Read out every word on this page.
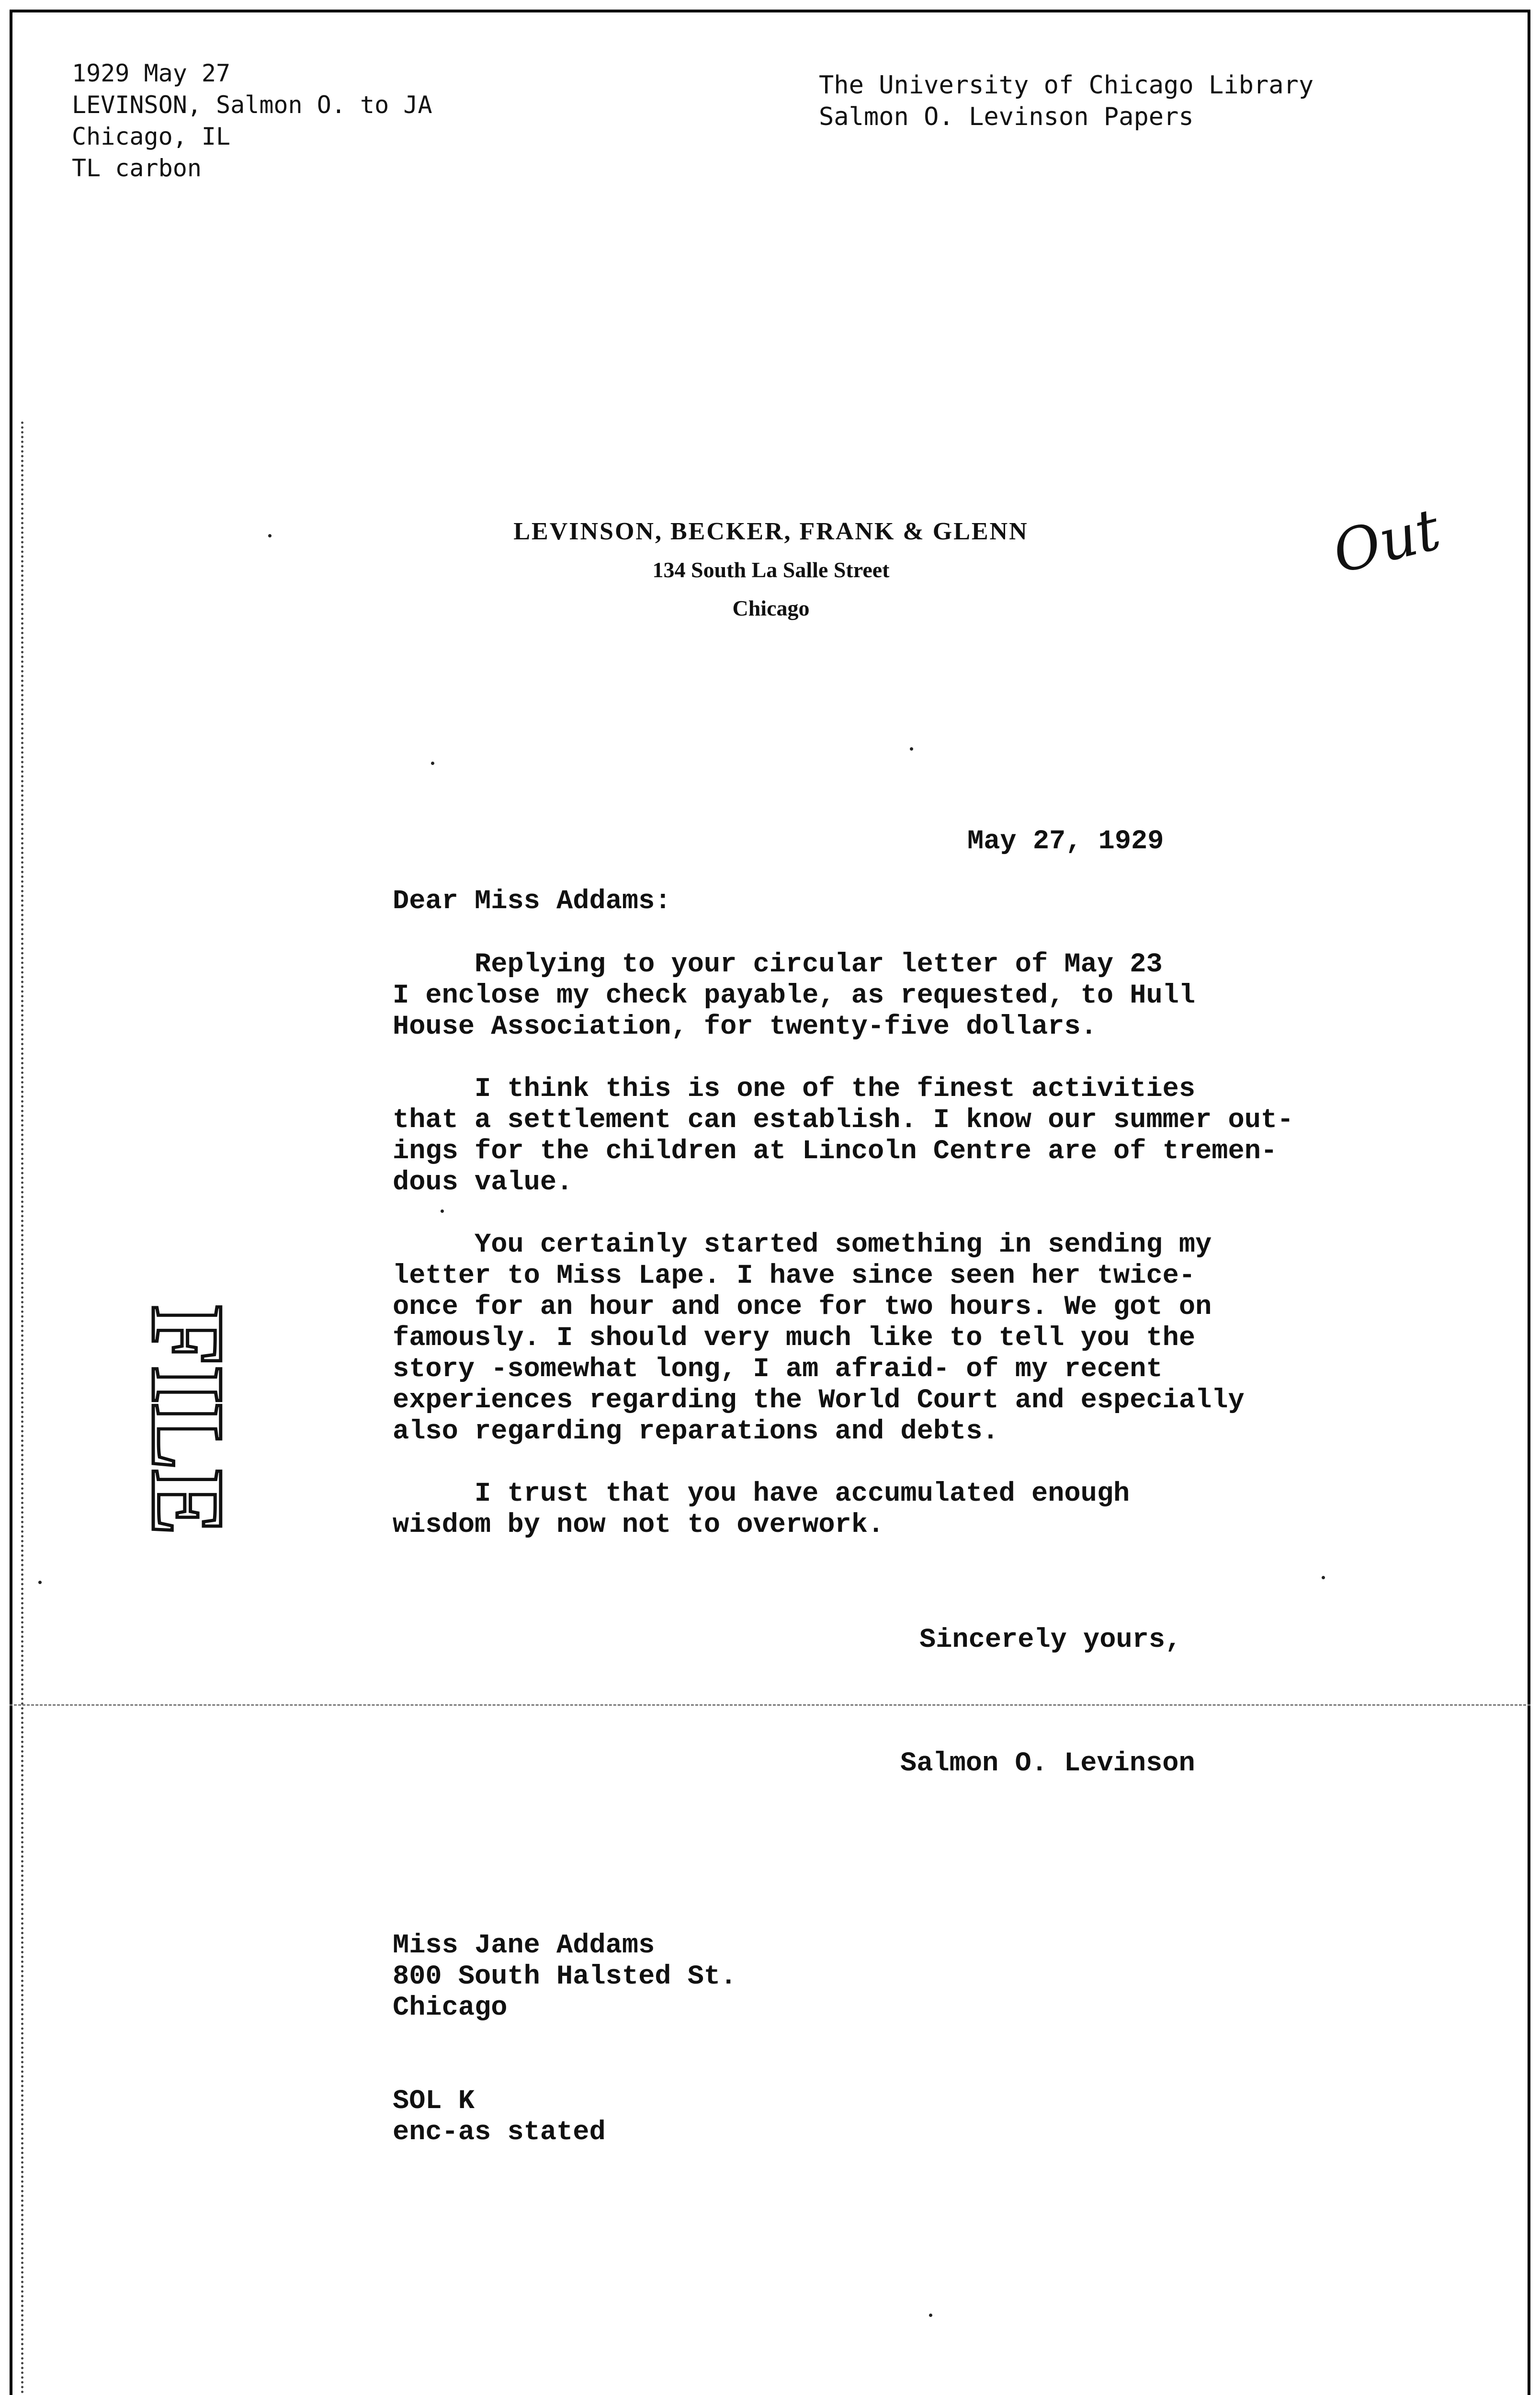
1929 May 27
LEVINSON, Salmon O. to JA
Chicago, IL
TL carbon
The University of Chicago Library
Salmon O. Levinson Papers
LEVINSON, BECKER, FRANK & GLENN
134 South La Salle Street
Chicago
Out
FILE
May 27, 1929
Dear Miss Addams:
Replying to your circular letter of May 23
I enclose my check payable, as requested, to Hull
House Association, for twenty-five dollars.
I think this is one of the finest activities
that a settlement can establish. I know our summer out-
ings for the children at Lincoln Centre are of tremen-
dous value.
You certainly started something in sending my
letter to Miss Lape. I have since seen her twice-
once for an hour and once for two hours. We got on
famously. I should very much like to tell you the
story -somewhat long, I am afraid- of my recent
experiences regarding the World Court and especially
also regarding reparations and debts.
I trust that you have accumulated enough
wisdom by now not to overwork.
Sincerely yours,
Salmon O. Levinson
Miss Jane Addams
800 South Halsted St.
Chicago
SOL K
enc-as stated
